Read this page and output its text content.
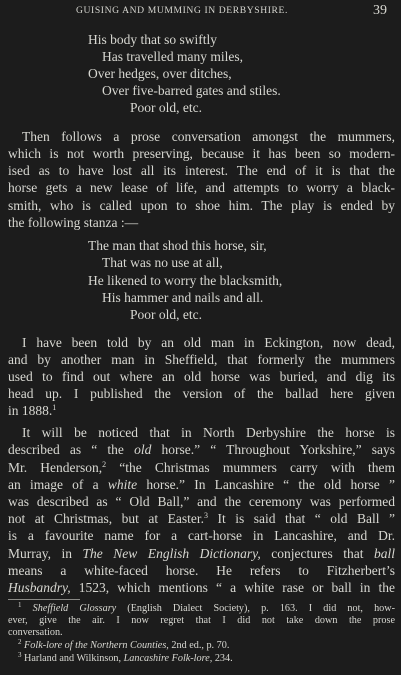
GUISING AND MUMMING IN DERBYSHIRE.	39
His body that so swiftly
Has travelled many miles,
Over hedges, over ditches,
Over five-barred gates and stiles.
Poor old, etc.
Then follows a prose conversation amongst the mummers,
which is not worth preserving, because it has been so modern-
ised as to have lost all its interest. The end of it is that the
horse gets a new lease of life, and attempts to worry a black-
smith, who is called upon to shoe him. The play is ended by
the following stanza :—
The man that shod this horse, sir,
That was no use at all,
He likened to worry the blacksmith,
His hammer and nails and all.
Poor old, etc.
I have been told by an old man in Eckington, now dead,
and by another man in Sheffield, that formerly the mummers
used to find out where an old horse was buried, and dig its
head up. I published the version of the ballad here given
in 1888.$^1$
It will be noticed that in North Derbyshire the horse is
described as “ the old horse.” “ Throughout Yorkshire,” says
Mr. Henderson,$^2$ “the Christmas mummers carry with them
an image of a white horse.” In Lancashire “ the old horse ”
was described as “ Old Ball,” and the ceremony was performed
not at Christmas, but at Easter.$^3$ It is said that “ old Ball ”
is a favourite name for a cart-horse in Lancashire, and Dr.
Murray, in The New English Dictionary, conjectures that ball
means a white-faced horse. He refers to Fitzherbert’s
Husbandry, 1523, which mentions “ a white rase or ball in the
$^1$ Sheffield Glossary (English Dialect Society), p. 163. I did not, how-
ever, give the air. I now regret that I did not take down the prose
conversation.
$^2$ Folk-lore of the Northern Counties, 2nd ed., p. 70.
$^3$ Harland and Wilkinson, Lancashire Folk-lore, 234.
